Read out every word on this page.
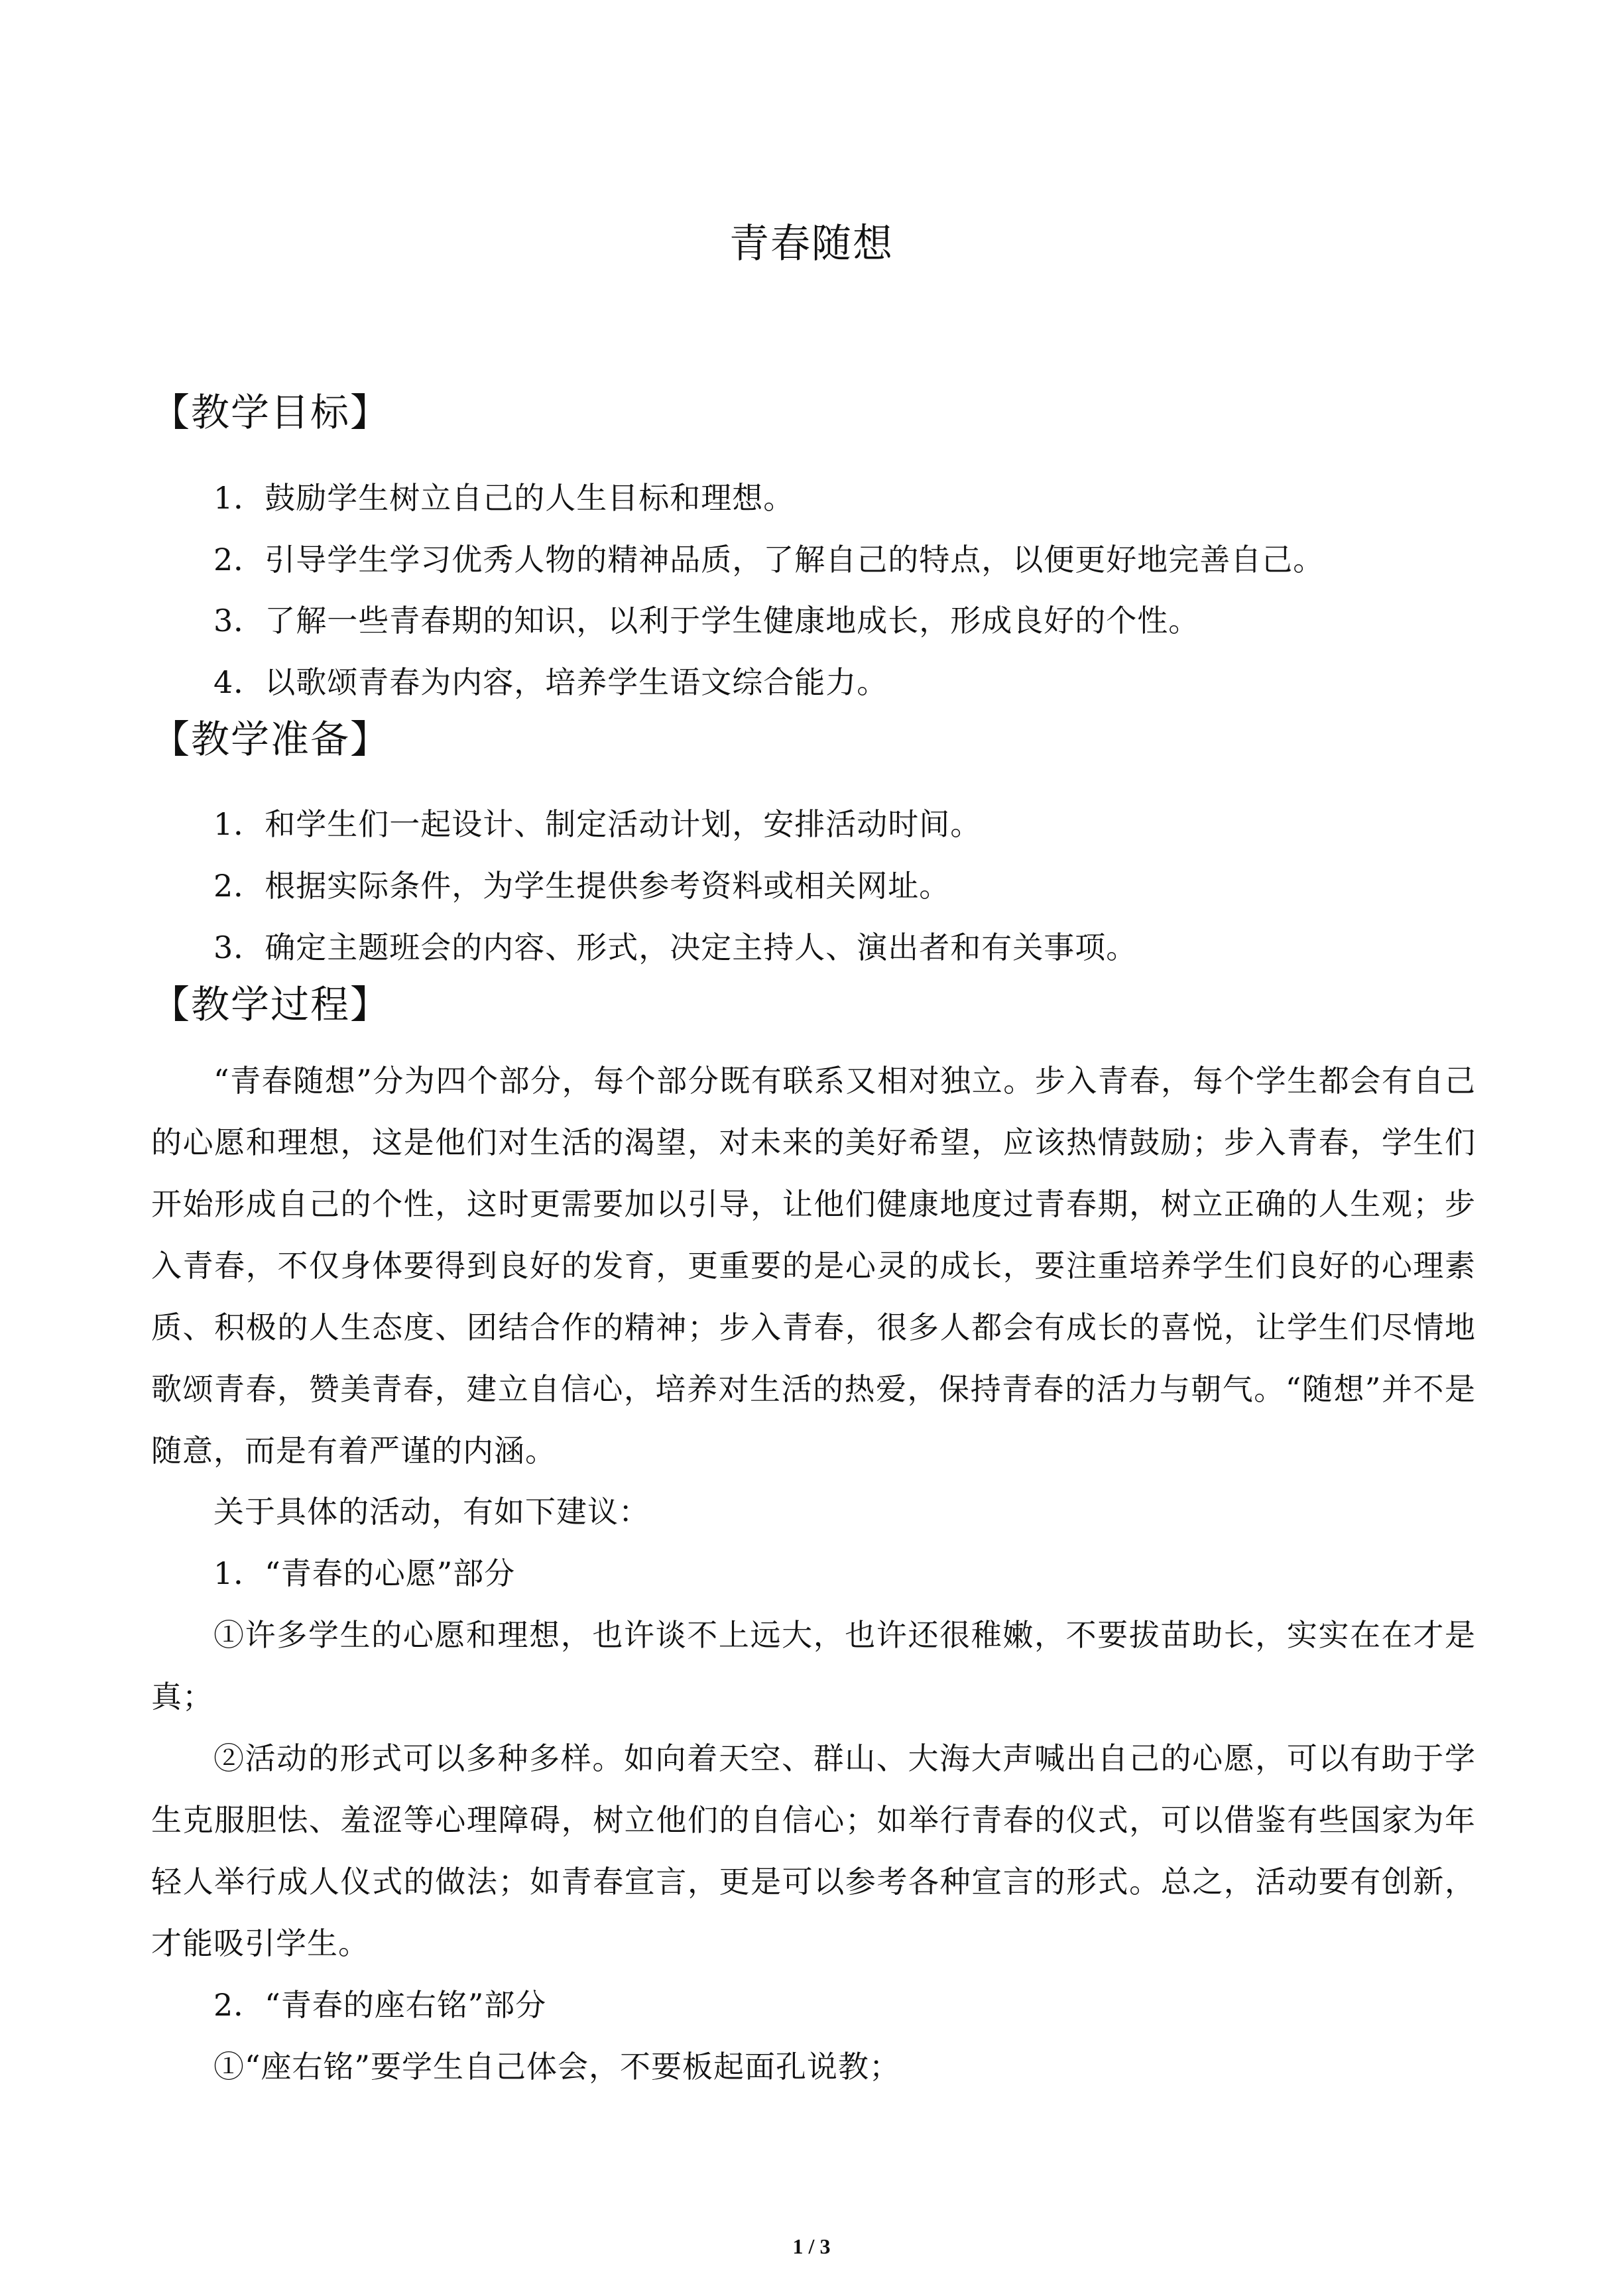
青春随想
【教学目标】
1．鼓励学生树立自己的人生目标和理想。
2．引导学生学习优秀人物的精神品质，了解自己的特点，以便更好地完善自己。
3．了解一些青春期的知识，以利于学生健康地成长，形成良好的个性。
4．以歌颂青春为内容，培养学生语文综合能力。
【教学准备】
1．和学生们一起设计、制定活动计划，安排活动时间。
2．根据实际条件，为学生提供参考资料或相关网址。
3．确定主题班会的内容、形式，决定主持人、演出者和有关事项。
【教学过程】
“青春随想”分为四个部分，每个部分既有联系又相对独立。步入青春，每个学生都会有自己的心愿和理想，这是他们对生活的渴望，对未来的美好希望，应该热情鼓励；步入青春，学生们开始形成自己的个性，这时更需要加以引导，让他们健康地度过青春期，树立正确的人生观；步入青春，不仅身体要得到良好的发育，更重要的是心灵的成长，要注重培养学生们良好的心理素质、积极的人生态度、团结合作的精神；步入青春，很多人都会有成长的喜悦，让学生们尽情地歌颂青春，赞美青春，建立自信心，培养对生活的热爱，保持青春的活力与朝气。“随想”并不是随意，而是有着严谨的内涵。
关于具体的活动，有如下建议：
1．“青春的心愿”部分
①许多学生的心愿和理想，也许谈不上远大，也许还很稚嫩，不要拔苗助长，实实在在才是真；
②活动的形式可以多种多样。如向着天空、群山、大海大声喊出自己的心愿，可以有助于学生克服胆怯、羞涩等心理障碍，树立他们的自信心；如举行青春的仪式，可以借鉴有些国家为年轻人举行成人仪式的做法；如青春宣言，更是可以参考各种宣言的形式。总之，活动要有创新，才能吸引学生。
2．“青春的座右铭”部分
①“座右铭”要学生自己体会，不要板起面孔说教；
1 / 3
